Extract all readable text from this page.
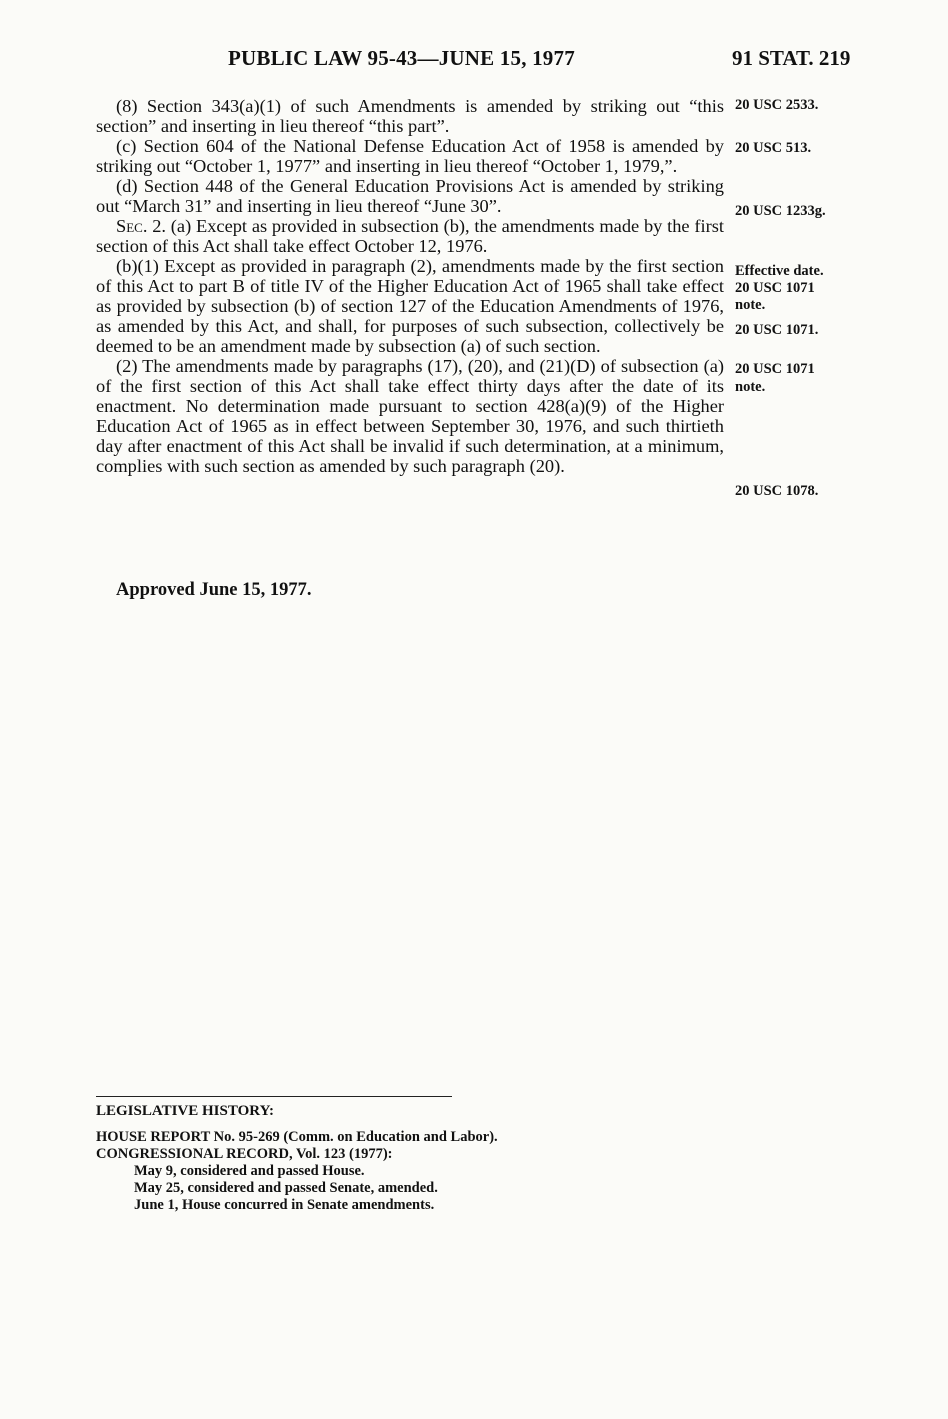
PUBLIC LAW 95-43—JUNE 15, 1977	91 STAT. 219

(8) Section 343(a)(1) of such Amendments is amended by striking out “this section” and inserting in lieu thereof “this part”.

(c) Section 604 of the National Defense Education Act of 1958 is amended by striking out “October 1, 1977” and inserting in lieu thereof “October 1, 1979,”.

(d) Section 448 of the General Education Provisions Act is amended by striking out “March 31” and inserting in lieu thereof “June 30”.

Sec. 2. (a) Except as provided in subsection (b), the amendments made by the first section of this Act shall take effect October 12, 1976.

(b)(1) Except as provided in paragraph (2), amendments made by the first section of this Act to part B of title IV of the Higher Education Act of 1965 shall take effect as provided by subsection (b) of section 127 of the Education Amendments of 1976, as amended by this Act, and shall, for purposes of such subsection, collectively be deemed to be an amendment made by subsection (a) of such section.

(2) The amendments made by paragraphs (17), (20), and (21)(D) of subsection (a) of the first section of this Act shall take effect thirty days after the date of its enactment. No determination made pursuant to section 428(a)(9) of the Higher Education Act of 1965 as in effect between September 30, 1976, and such thirtieth day after enactment of this Act shall be invalid if such determination, at a minimum, complies with such section as amended by such paragraph (20).

Approved June 15, 1977.
20 USC 2533.
20 USC 513.
20 USC 1233g.
Effective date.
20 USC 1071
note.
20 USC 1071.
20 USC 1071
note.
20 USC 1078.
LEGISLATIVE HISTORY:
HOUSE REPORT No. 95-269 (Comm. on Education and Labor).
CONGRESSIONAL RECORD, Vol. 123 (1977):
May 9, considered and passed House.
May 25, considered and passed Senate, amended.
June 1, House concurred in Senate amendments.
